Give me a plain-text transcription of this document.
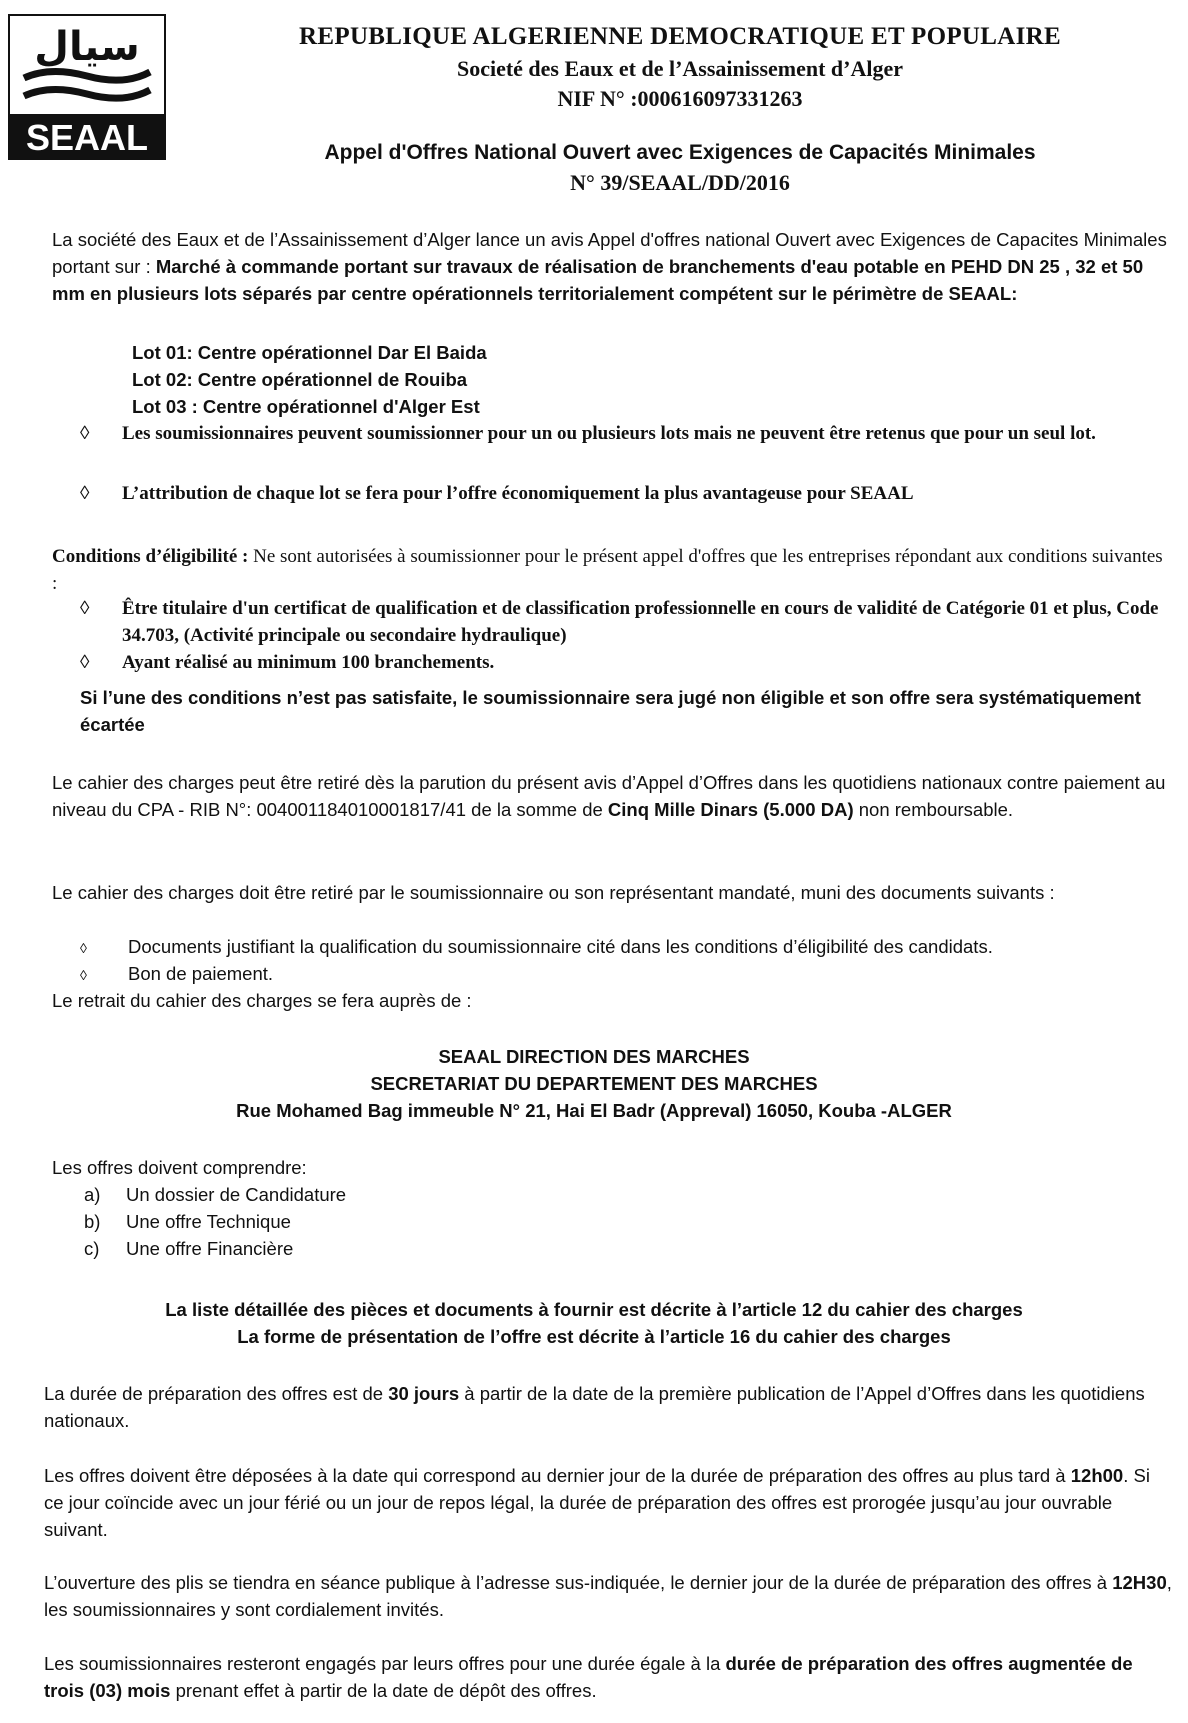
سيال
SEAAL
REPUBLIQUE ALGERIENNE DEMOCRATIQUE ET POPULAIRE
Societé des Eaux et de l’Assainissement d’Alger
NIF N° :000616097331263
Appel d'Offres National Ouvert avec Exigences de Capacités Minimales
N° 39/SEAAL/DD/2016
La société des Eaux et de l’Assainissement d’Alger lance un avis Appel d'offres national Ouvert avec Exigences de Capacites Minimales portant sur : Marché à commande portant sur travaux de réalisation de branchements d'eau potable en PEHD DN 25 , 32 et 50 mm en plusieurs lots séparés par centre opérationnels territorialement compétent sur le périmètre de SEAAL:
Lot 01: Centre opérationnel Dar El Baida
Lot 02: Centre opérationnel de Rouiba
Lot 03 : Centre opérationnel d'Alger Est
◊ Les soumissionnaires peuvent soumissionner pour un ou plusieurs lots mais ne peuvent être retenus que pour un seul lot.
◊ L’attribution de chaque lot se fera pour l’offre économiquement la plus avantageuse pour SEAAL
Conditions d’éligibilité : Ne sont autorisées à soumissionner pour le présent appel d'offres que les entreprises répondant aux conditions suivantes :
◊ Être titulaire d'un certificat de qualification et de classification professionnelle en cours de validité de Catégorie 01 et plus, Code 34.703, (Activité principale ou secondaire hydraulique)
◊ Ayant réalisé au minimum 100 branchements.
Si l’une des conditions n’est pas satisfaite, le soumissionnaire sera jugé non éligible et son offre sera systématiquement écartée
Le cahier des charges peut être retiré dès la parution du présent avis d’Appel d’Offres dans les quotidiens nationaux contre paiement au niveau du CPA - RIB N°: 004001184010001817/41 de la somme de Cinq Mille Dinars (5.000 DA) non remboursable.
Le cahier des charges doit être retiré par le soumissionnaire ou son représentant mandaté, muni des documents suivants :
◊ Documents justifiant la qualification du soumissionnaire cité dans les conditions d’éligibilité des candidats.
◊ Bon de paiement.
Le retrait du cahier des charges se fera auprès de :
SEAAL DIRECTION DES MARCHES
SECRETARIAT DU DEPARTEMENT DES MARCHES
Rue Mohamed Bag immeuble N° 21, Hai El Badr (Appreval) 16050, Kouba -ALGER
Les offres doivent comprendre:
a) Un dossier de Candidature
b) Une offre Technique
c) Une offre Financière
La liste détaillée des pièces et documents à fournir est décrite à l’article 12 du cahier des charges
La forme de présentation de l’offre est décrite à l’article 16 du cahier des charges
La durée de préparation des offres est de 30 jours à partir de la date de la première publication de l’Appel d’Offres dans les quotidiens nationaux.
Les offres doivent être déposées à la date qui correspond au dernier jour de la durée de préparation des offres au plus tard à 12h00. Si ce jour coïncide avec un jour férié ou un jour de repos légal, la durée de préparation des offres est prorogée jusqu’au jour ouvrable suivant.
L’ouverture des plis se tiendra en séance publique à l’adresse sus-indiquée, le dernier jour de la durée de préparation des offres à 12H30, les soumissionnaires y sont cordialement invités.
Les soumissionnaires resteront engagés par leurs offres pour une durée égale à la durée de préparation des offres augmentée de trois (03) mois prenant effet à partir de la date de dépôt des offres.
